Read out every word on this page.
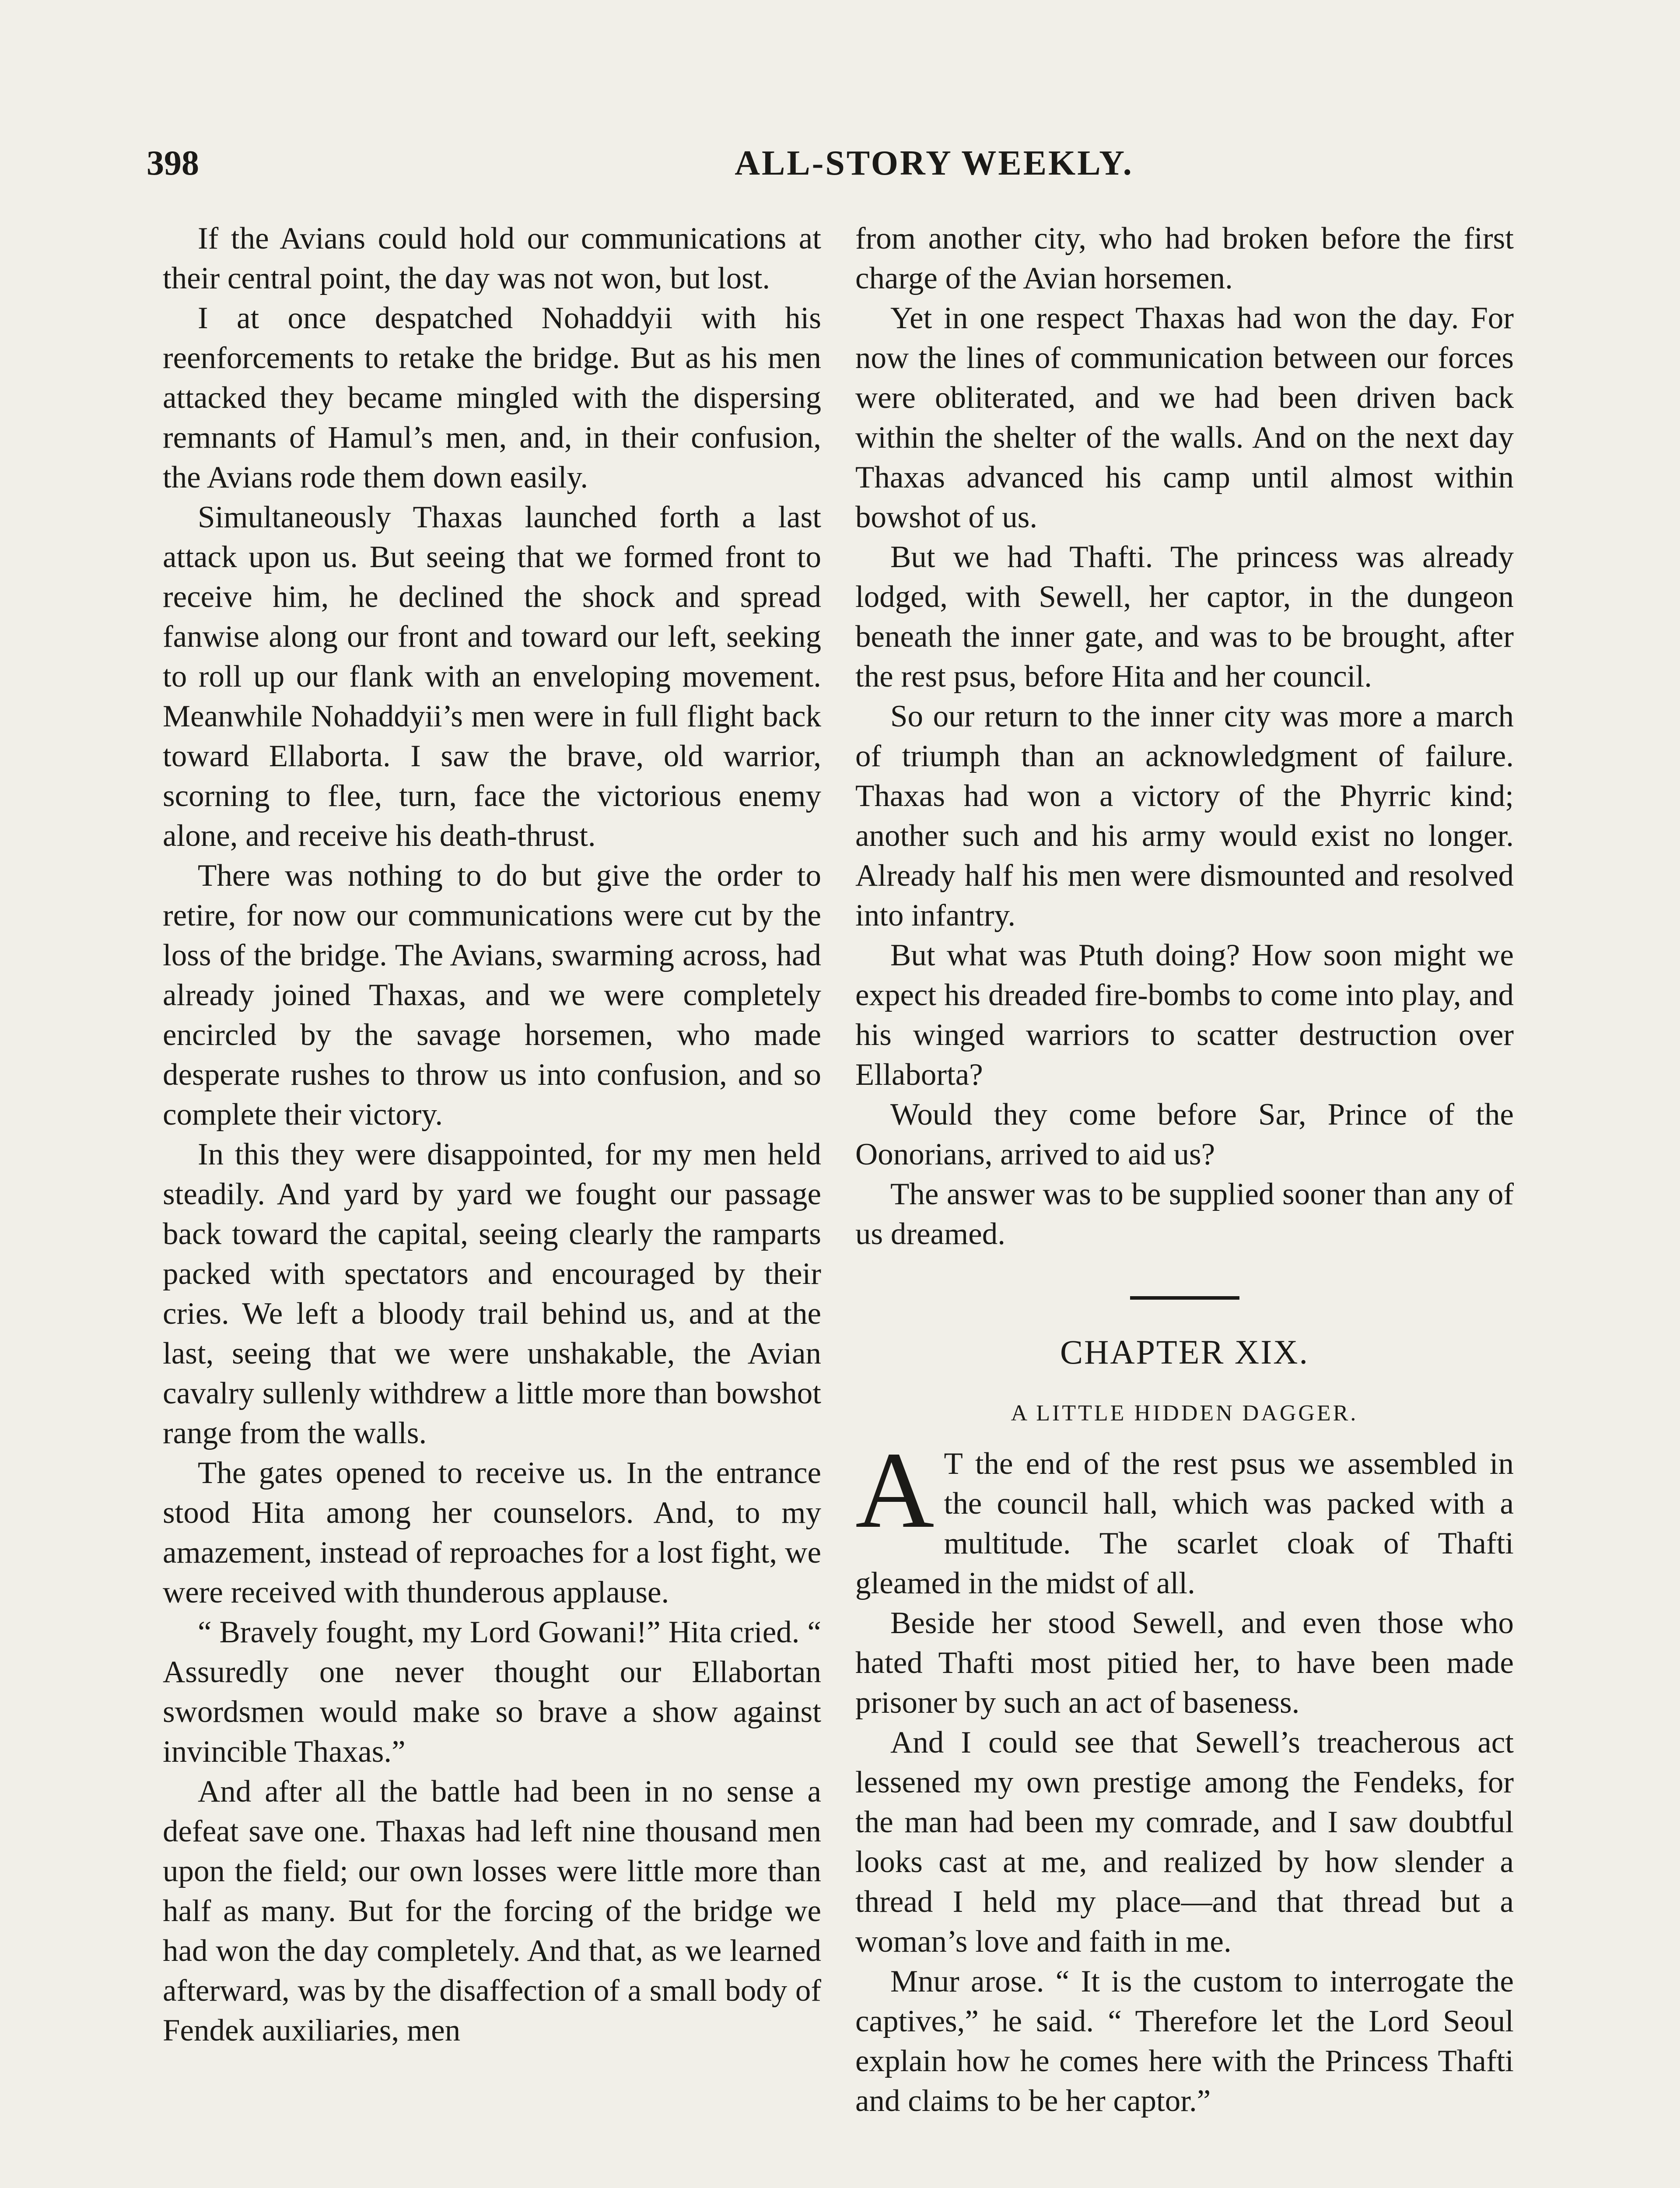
398	ALL-STORY WEEKLY.

If the Avians could hold our communications at their central point, the day was not won, but lost.

I at once despatched Nohaddyii with his reenforcements to retake the bridge. But as his men attacked they became mingled with the dispersing remnants of Hamul’s men, and, in their confusion, the Avians rode them down easily.

Simultaneously Thaxas launched forth a last attack upon us. But seeing that we formed front to receive him, he declined the shock and spread fanwise along our front and toward our left, seeking to roll up our flank with an enveloping movement. Meanwhile Nohaddyii’s men were in full flight back toward Ellaborta. I saw the brave, old warrior, scorning to flee, turn, face the victorious enemy alone, and receive his death-thrust.

There was nothing to do but give the order to retire, for now our communications were cut by the loss of the bridge. The Avians, swarming across, had already joined Thaxas, and we were completely encircled by the savage horsemen, who made desperate rushes to throw us into confusion, and so complete their victory.

In this they were disappointed, for my men held steadily. And yard by yard we fought our passage back toward the capital, seeing clearly the ramparts packed with spectators and encouraged by their cries. We left a bloody trail behind us, and at the last, seeing that we were unshakable, the Avian cavalry sullenly withdrew a little more than bowshot range from the walls.

The gates opened to receive us. In the entrance stood Hita among her counselors. And, to my amazement, instead of reproaches for a lost fight, we were received with thunderous applause.

“ Bravely fought, my Lord Gowani!” Hita cried. “ Assuredly one never thought our Ellabortan swordsmen would make so brave a show against invincible Thaxas.”

And after all the battle had been in no sense a defeat save one. Thaxas had left nine thousand men upon the field; our own losses were little more than half as many. But for the forcing of the bridge we had won the day completely. And that, as we learned afterward, was by the disaffection of a small body of Fendek auxiliaries, men

from another city, who had broken before the first charge of the Avian horsemen.

Yet in one respect Thaxas had won the day. For now the lines of communication between our forces were obliterated, and we had been driven back within the shelter of the walls. And on the next day Thaxas advanced his camp until almost within bowshot of us.

But we had Thafti. The princess was already lodged, with Sewell, her captor, in the dungeon beneath the inner gate, and was to be brought, after the rest psus, before Hita and her council.

So our return to the inner city was more a march of triumph than an acknowledgment of failure. Thaxas had won a victory of the Phyrric kind; another such and his army would exist no longer. Already half his men were dismounted and resolved into infantry.

But what was Ptuth doing? How soon might we expect his dreaded fire-bombs to come into play, and his winged warriors to scatter destruction over Ellaborta?

Would they come before Sar, Prince of the Oonorians, arrived to aid us?

The answer was to be supplied sooner than any of us dreamed.

CHAPTER XIX.
A LITTLE HIDDEN DAGGER.

A T the end of the rest psus we assembled in the council hall, which was packed with a multitude. The scarlet cloak of Thafti gleamed in the midst of all.

Beside her stood Sewell, and even those who hated Thafti most pitied her, to have been made prisoner by such an act of baseness.

And I could see that Sewell’s treacherous act lessened my own prestige among the Fendeks, for the man had been my comrade, and I saw doubtful looks cast at me, and realized by how slender a thread I held my place—and that thread but a woman’s love and faith in me.

Mnur arose. “ It is the custom to interrogate the captives,” he said. “ Therefore let the Lord Seoul explain how he comes here with the Princess Thafti and claims to be her captor.”
